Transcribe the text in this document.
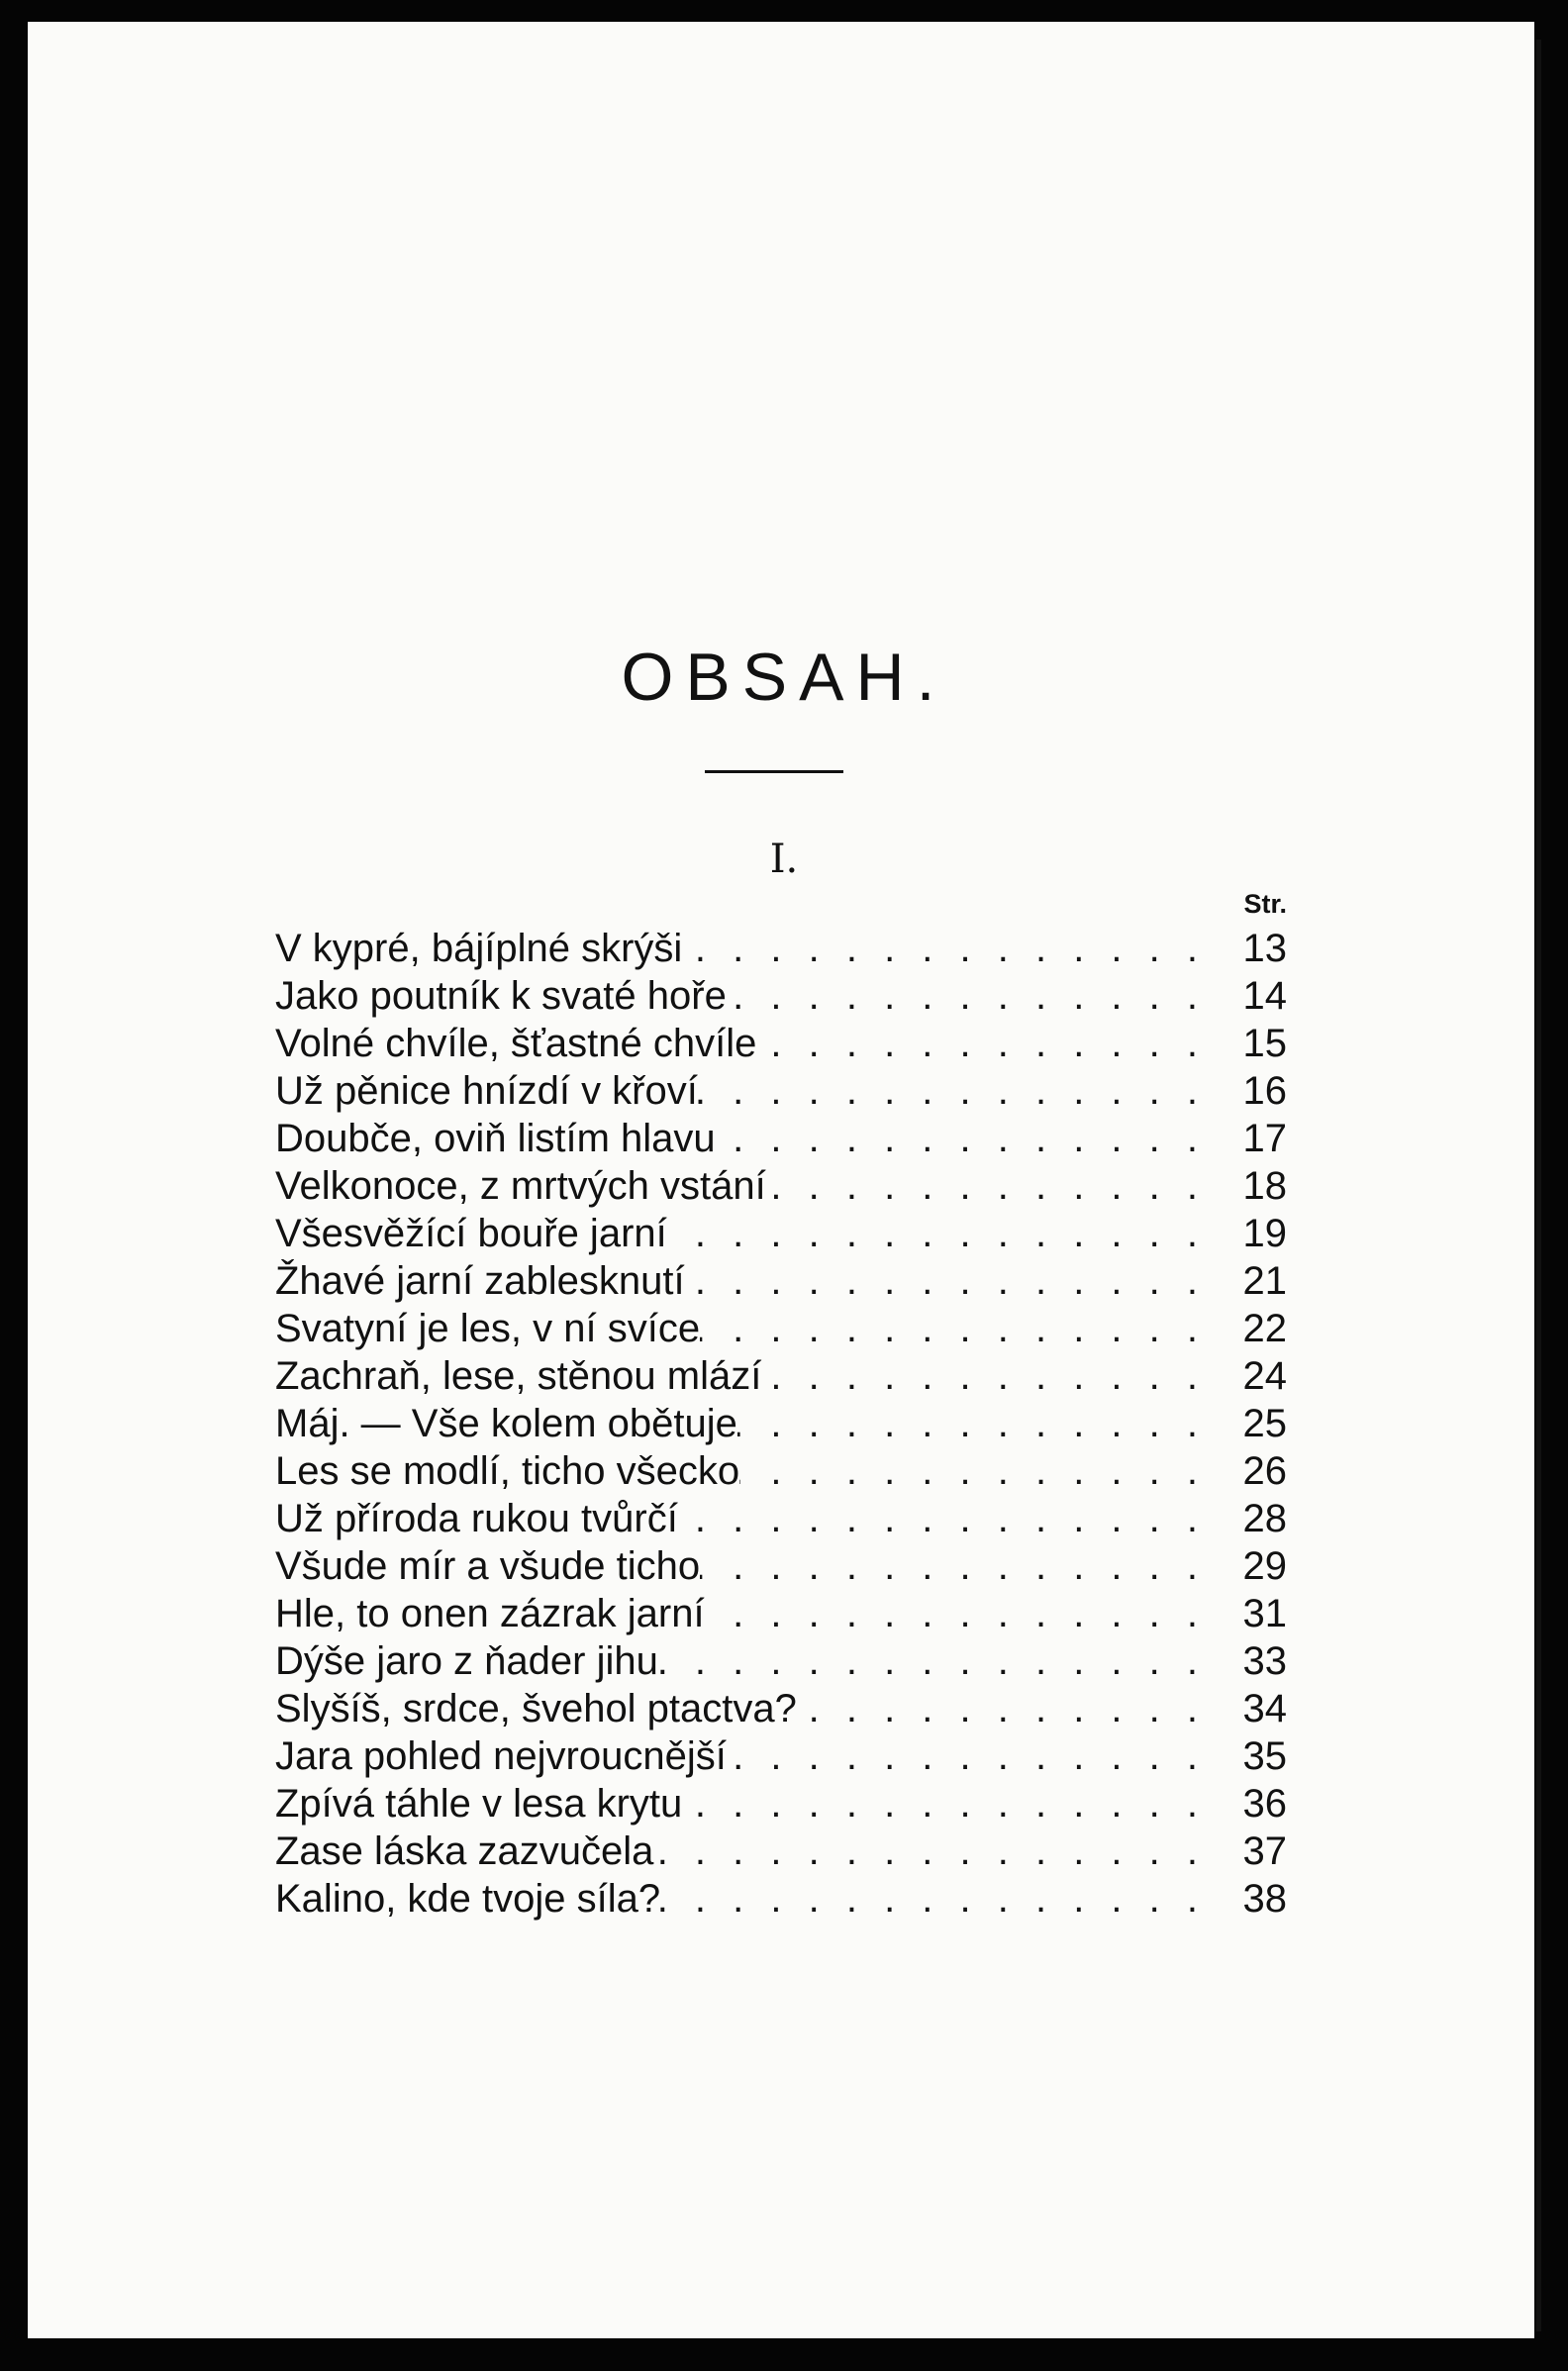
OBSAH.
I.
Str.
V kypré, bájíplné skrýši . . .	13
Jako poutník k svaté hoře . . .	14
Volné chvíle, šťastné chvíle . . .	15
Už pěnice hnízdí v křoví . . .	16
Doubče, oviň listím hlavu . . .	17
Velkonoce, z mrtvých vstání . . .	18
Všesvěžící bouře jarní . . .	19
Žhavé jarní zablesknutí . . .	21
Svatyní je les, v ní svíce . . .	22
Zachraň, lese, stěnou mlází . . .	24
Máj. — Vše kolem obětuje . . .	25
Les se modlí, ticho všecko . . .	26
Už příroda rukou tvůrčí . . .	28
Všude mír a všude ticho . . .	29
Hle, to onen zázrak jarní . . .	31
Dýše jaro z ňader jihu . . .	33
Slyšíš, srdce, švehol ptactva? . . .	34
Jara pohled nejvroucnější . . .	35
Zpívá táhle v lesa krytu . . .	36
Zase láska zazvučela . . .	37
Kalino, kde tvoje síla? . . .	38
